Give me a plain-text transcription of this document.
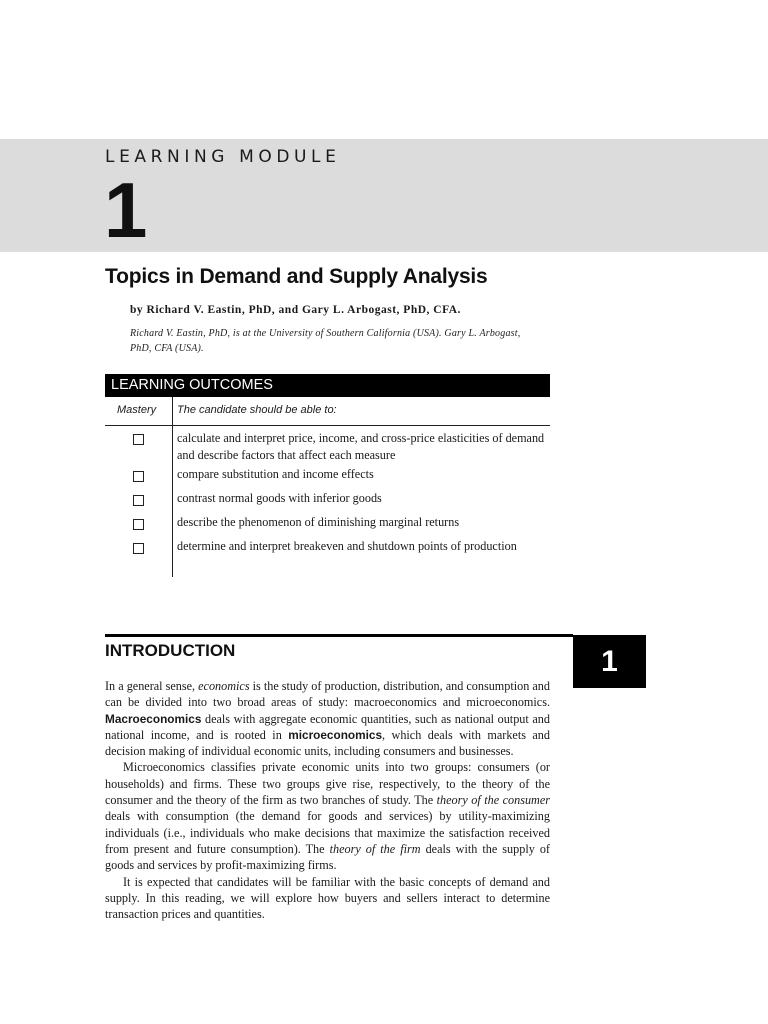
LEARNING MODULE
1
Topics in Demand and Supply Analysis
by Richard V. Eastin, PhD, and Gary L. Arbogast, PhD, CFA.
Richard V. Eastin, PhD, is at the University of Southern California (USA). Gary L. Arbogast, PhD, CFA (USA).
LEARNING OUTCOMES
Mastery The candidate should be able to:
calculate and interpret price, income, and cross-price elasticities of demand and describe factors that affect each measure
compare substitution and income effects
contrast normal goods with inferior goods
describe the phenomenon of diminishing marginal returns
determine and interpret breakeven and shutdown points of production
INTRODUCTION	1

In a general sense, economics is the study of production, distribution, and consumption and can be divided into two broad areas of study: macroeconomics and microeconomics. Macroeconomics deals with aggregate economic quantities, such as national output and national income, and is rooted in microeconomics, which deals with markets and decision making of individual economic units, including consumers and businesses.

Microeconomics classifies private economic units into two groups: consumers (or households) and firms. These two groups give rise, respectively, to the theory of the consumer and the theory of the firm as two branches of study. The theory of the consumer deals with consumption (the demand for goods and services) by utility-maximizing individuals (i.e., individuals who make decisions that maximize the satisfaction received from present and future consumption). The theory of the firm deals with the supply of goods and services by profit-maximizing firms.

It is expected that candidates will be familiar with the basic concepts of demand and supply. In this reading, we will explore how buyers and sellers interact to determine transaction prices and quantities.
